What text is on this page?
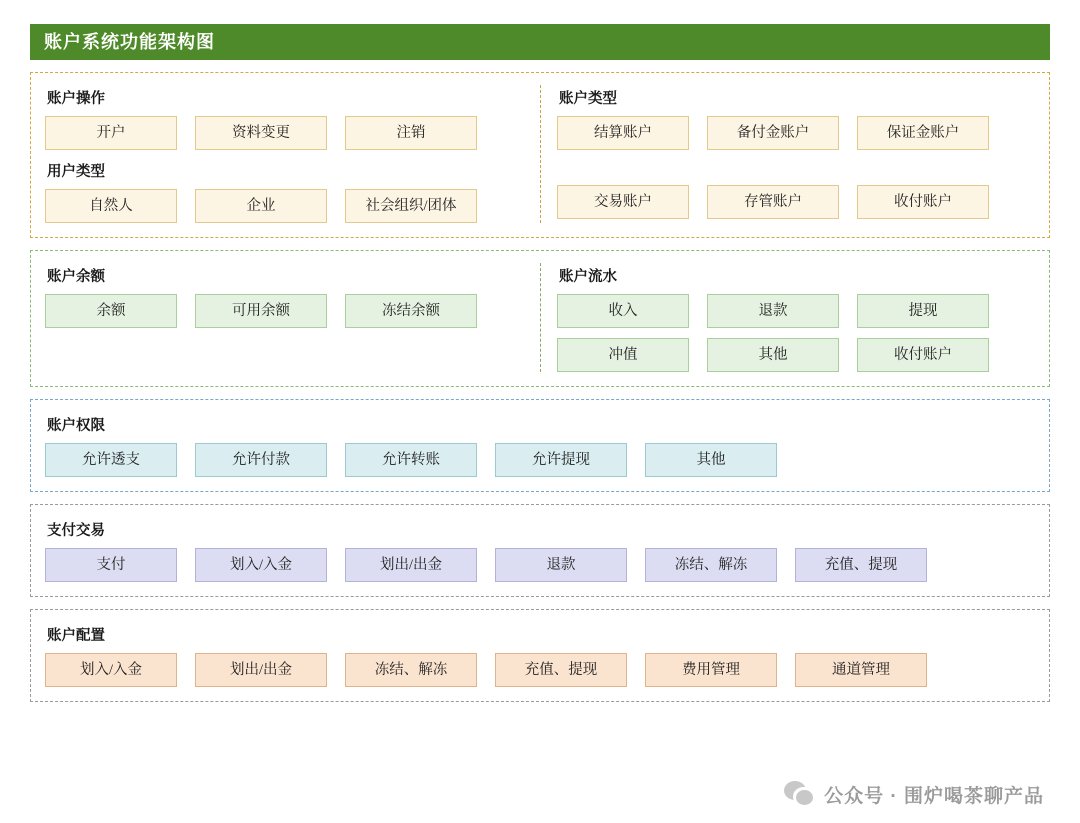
账户系统功能架构图
账户操作
开户	资料变更	注销
用户类型
自然人	企业	社会组织/团体
账户类型
结算账户	备付金账户	保证金账户
交易账户	存管账户	收付账户
账户余额
余额	可用余额	冻结余额
账户流水
收入	退款	提现
冲值	其他	收付账户
账户权限
允许透支	允许付款	允许转账	允许提现	其他
支付交易
支付	划入/入金	划出/出金	退款	冻结、解冻	充值、提现
账户配置
划入/入金	划出/出金	冻结、解冻	充值、提现	费用管理	通道管理
公众号 · 围炉喝茶聊产品
